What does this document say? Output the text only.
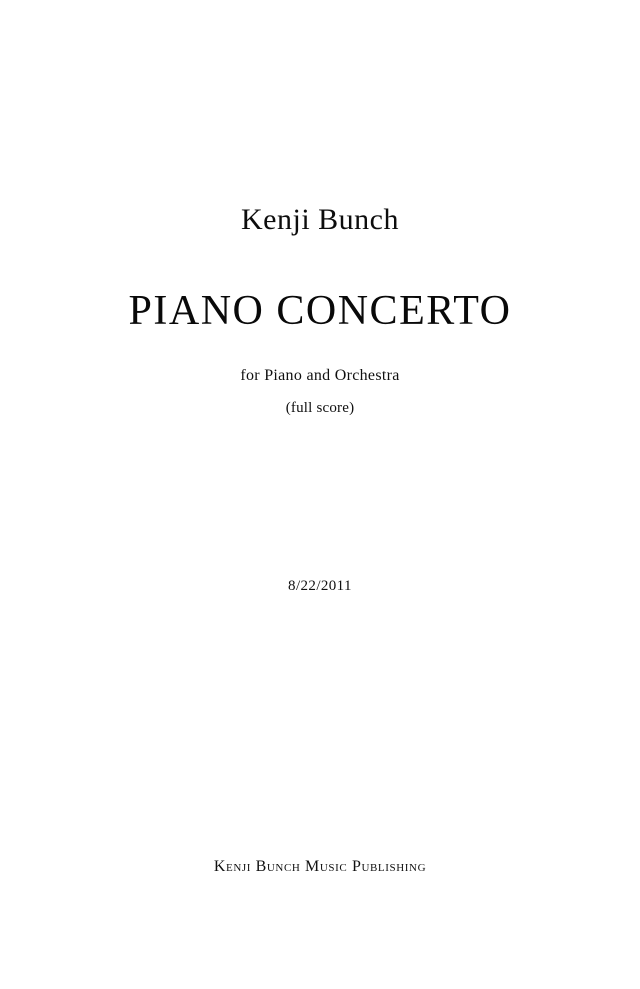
Kenji Bunch
PIANO CONCERTO
for Piano and Orchestra
(full score)
8/22/2011
Kenji Bunch Music Publishing
